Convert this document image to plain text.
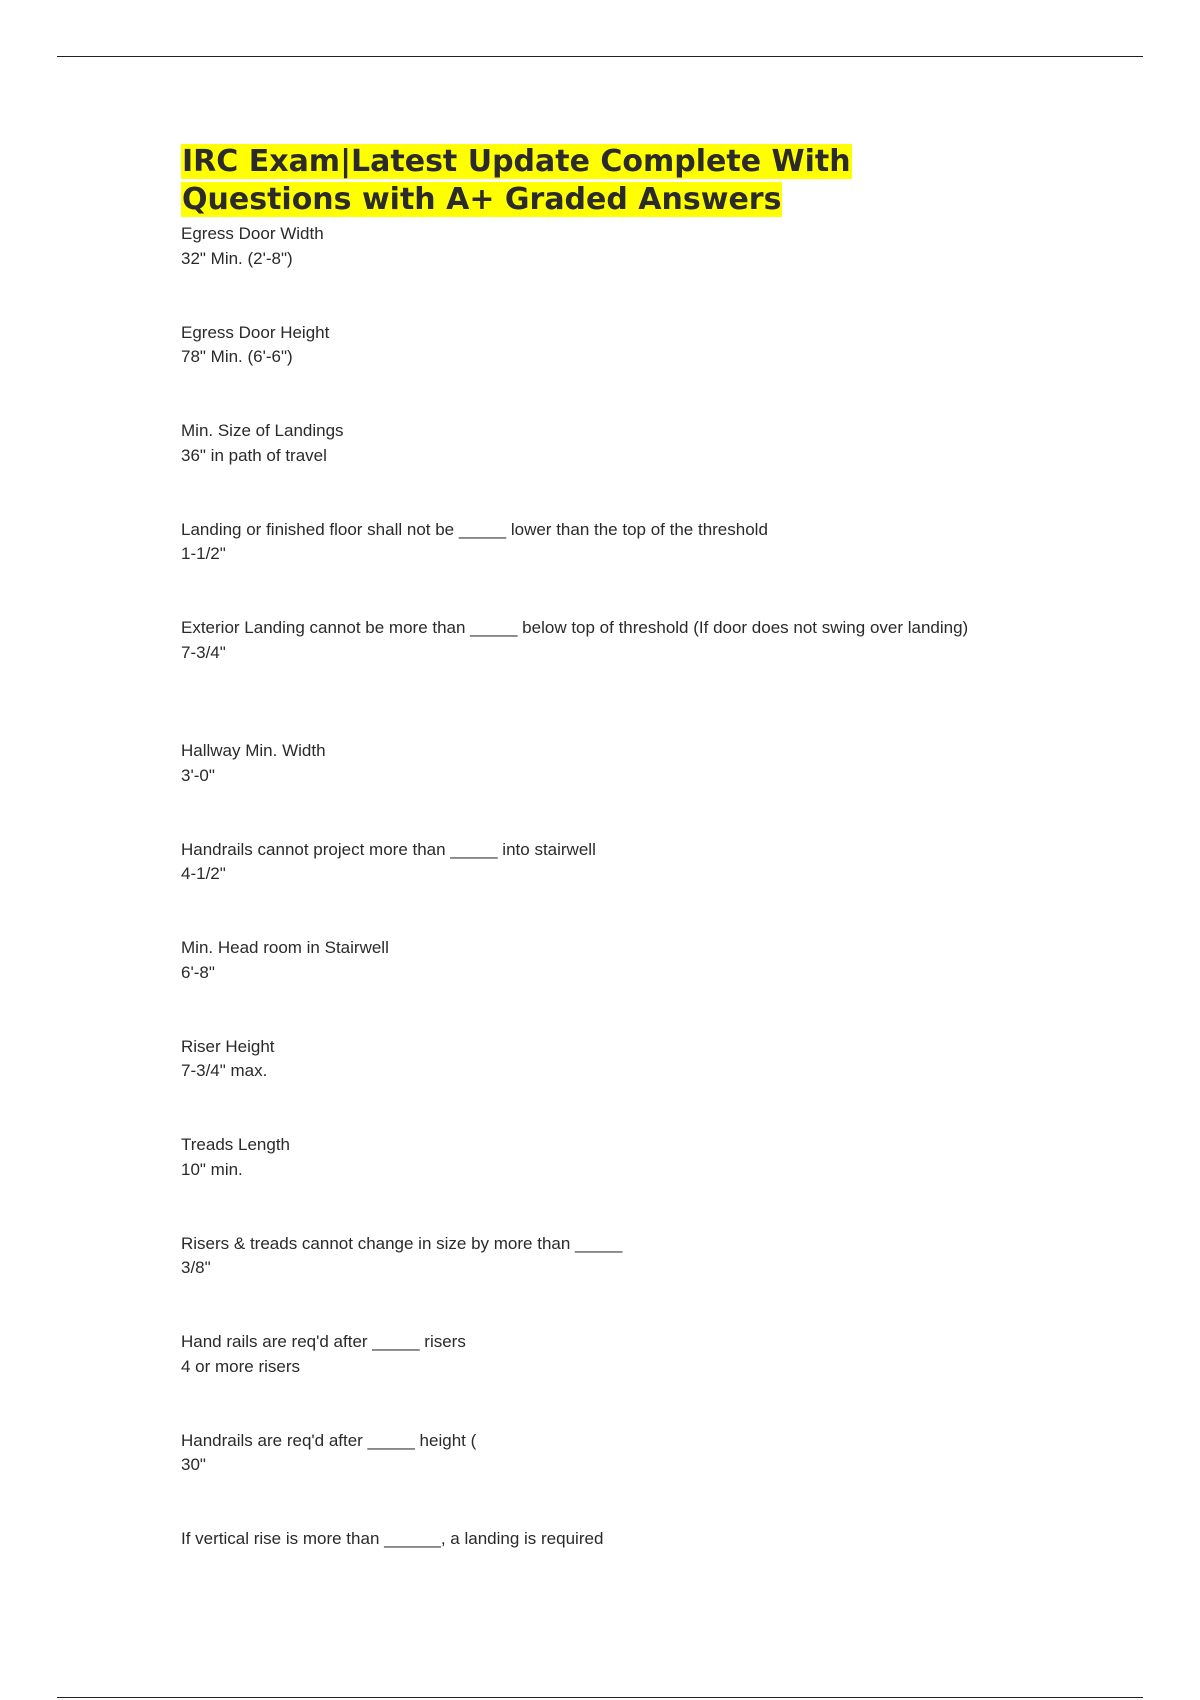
IRC Exam|Latest Update Complete With Questions with A+ Graded Answers
Egress Door Width
32" Min. (2'-8")
Egress Door Height
78" Min. (6'-6")
Min. Size of Landings
36" in path of travel
Landing or finished floor shall not be _____ lower than the top of the threshold
1-1/2"
Exterior Landing cannot be more than _____ below top of threshold (If door does not swing over landing)
7-3/4"
Hallway Min. Width
3'-0"
Handrails cannot project more than _____ into stairwell
4-1/2"
Min. Head room in Stairwell
6'-8"
Riser Height
7-3/4" max.
Treads Length
10" min.
Risers & treads cannot change in size by more than _____
3/8"
Hand rails are req'd after _____ risers
4 or more risers
Handrails are req'd after _____ height (
30"
If vertical rise is more than ______, a landing is required
